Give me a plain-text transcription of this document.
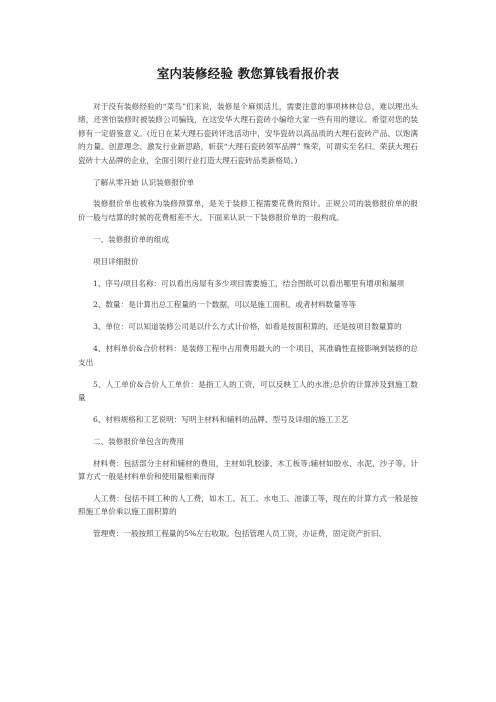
室内装修经验 教您算钱看报价表

对于没有装修经验的“菜鸟”们来说，装修是个麻烦活儿，需要注意的事项林林总总，难以理出头绪，还害怕装修时被装修公司骗钱，在这安华大理石瓷砖小编给大家一些有用的建议。希望对您的装修有一定借鉴意义。(近日在某大理石瓷砖评选活动中，安华瓷砖以高品质的大理石瓷砖产品、以饱满的力量、创意理念、激发行业新思路，斩获“大理石瓷砖领军品牌” 殊荣，可谓实至名归。荣获大理石瓷砖十大品牌的企业，全面引领行业打造大理石瓷砖品类新格局。)

了解从零开始 认识装修报价单

装修报价单也被称为装修预算单，是关于装修工程需要花费的预计。正规公司的装修报价单的报价一般与结算的时候的花费相差不大。下面来认识一下装修报价单的一般构成。

一、装修报价单的组成

项目详细报价

1、序号/项目名称：可以看出房屋有多少项目需要施工，结合图纸可以看出哪里有增项和漏项

2、数量：是计算出总工程量的一个数据，可以是施工面积、或者材料数量等等

3、单位：可以知道装修公司是以什么方式计价格，如看是按面积算的，还是按项目数量算的

4、材料单价&合价材料：是装修工程中占用费用最大的一个项目，其准确性直接影响到装修的总支出

5、人工单价&合价人工单价：是指工人的工资，可以反映工人的水准;总价的计算涉及到施工数量

6、材料规格和工艺说明：写明主材料和辅料的品牌、型号及详细的施工工艺

二、装修报价单包含的费用

材料费：包括部分主材和辅材的费用，主材如乳胶漆、木工板等;辅材如胶水、水泥、沙子等。计算方式一般是材料单价和使用量相乘而得

人工费：包括不同工种的人工费，如木工、瓦工、水电工、油漆工等，现在的计算方式一般是按照施工单价乘以施工面积算的

管理费：一般按照工程量的5%左右收取。包括管理人员工资，办证费，固定资产折旧、
